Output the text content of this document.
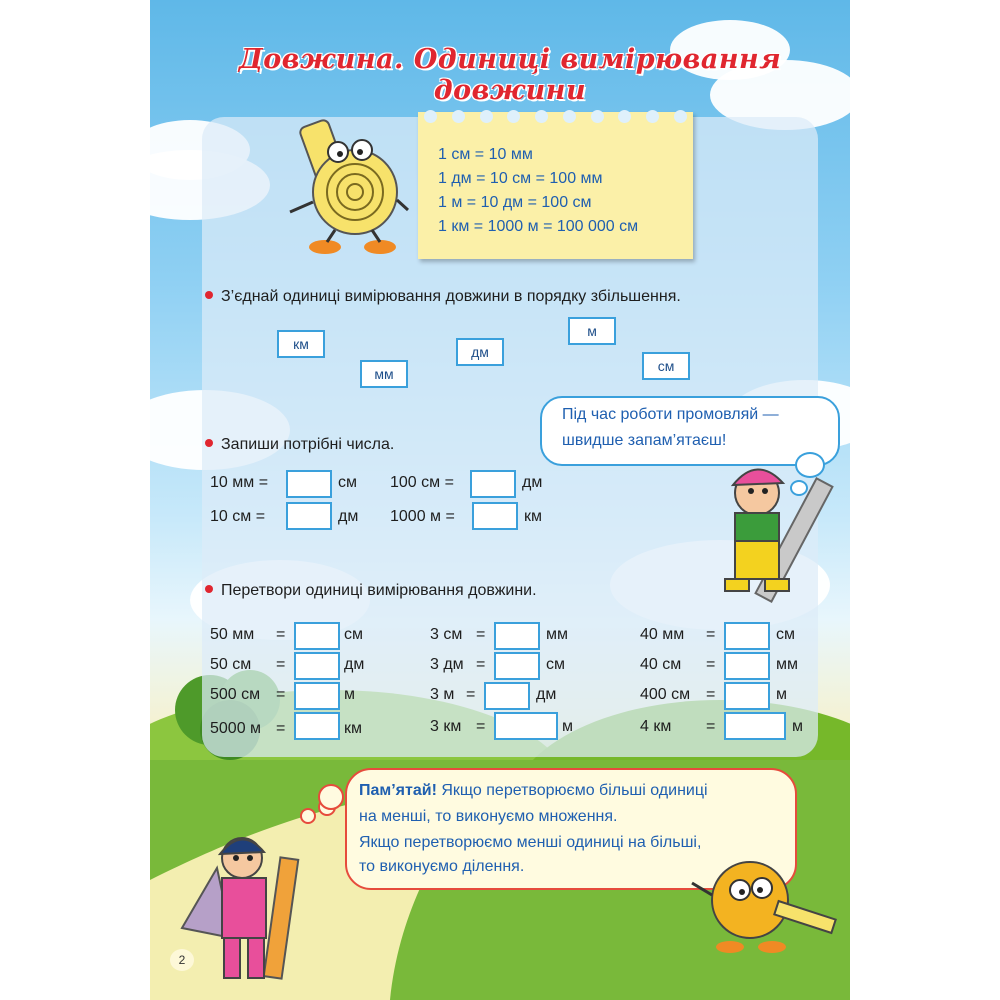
Довжина. Одиниці вимірювання довжини
1 см = 10 мм
1 дм = 10 см = 100 мм
1 м = 10 дм = 100 см
1 км = 1000 м = 100 000 см
З’єднай одиниці вимірювання довжини в порядку збільшення.
км
мм
дм
м
см
Під час роботи промовляй —
швидше запам’ятаєш!
Запиши потрібні числа.
10 мм =	см 100 см =	дм
10 см =	дм 1000 м =	км
Перетвори одиниці вимірювання довжини.
50 мм =	см
50 см =	дм
500 см =	м
5000 м =	км
3 см =	мм
3 дм =	см
3 м =	дм
3 км =	м
40 мм =	см
40 см =	мм
400 см =	м
4 км =	м
Пам’ятай! Якщо перетворюємо більші одиниці
на менші, то виконуємо множення.
Якщо перетворюємо менші одиниці на більші,
то виконуємо ділення.
2
